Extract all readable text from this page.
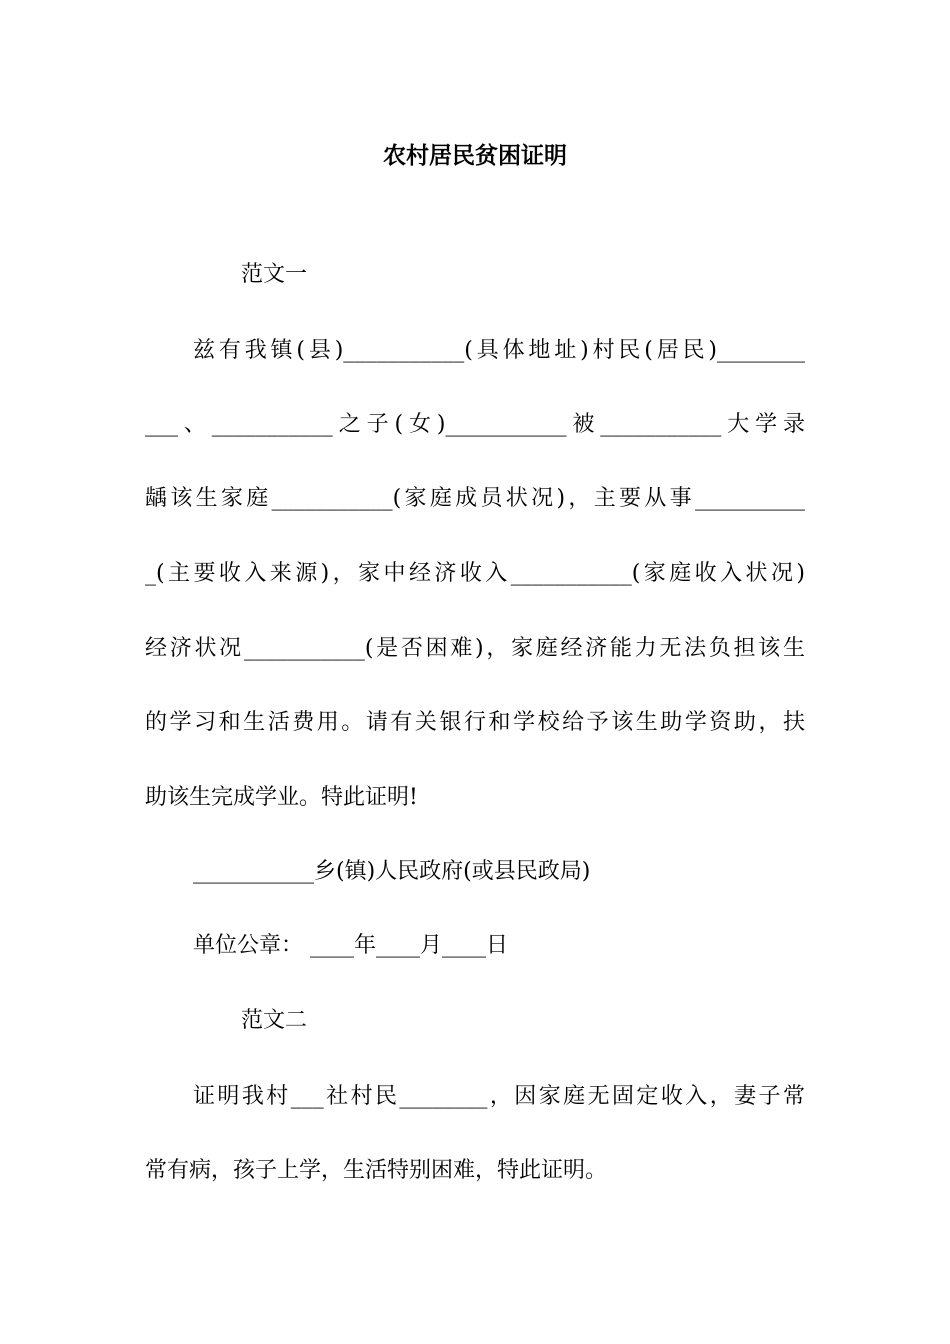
农村居民贫困证明
范文一
兹有我镇(县)___________(具体地址)村民(居民)________
___、___________之子(女)___________被___________大学录
龋该生家庭___________(家庭成员状况)，主要从事__________
_(主要收入来源)，家中经济收入___________(家庭收入状况)
经济状况___________(是否困难)，家庭经济能力无法负担该生
的学习和生活费用。请有关银行和学校给予该生助学资助，扶
助该生完成学业。特此证明!
___________乡(镇)人民政府(或县民政局)
单位公章： ____年____月____日
范文二
证明我村___社村民________，因家庭无固定收入，妻子常
常有病，孩子上学，生活特别困难，特此证明。
